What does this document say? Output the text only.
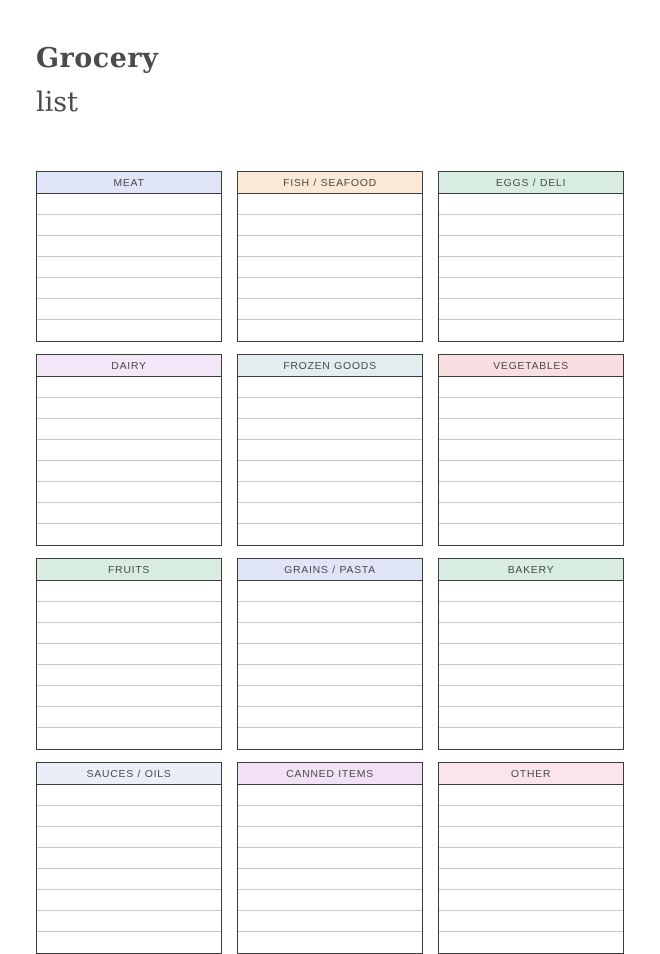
Grocery
list
MEAT	FISH / SEAFOOD	EGGS / DELI
DAIRY	FROZEN GOODS	VEGETABLES
FRUITS	GRAINS / PASTA	BAKERY
SAUCES / OILS	CANNED ITEMS	OTHER
